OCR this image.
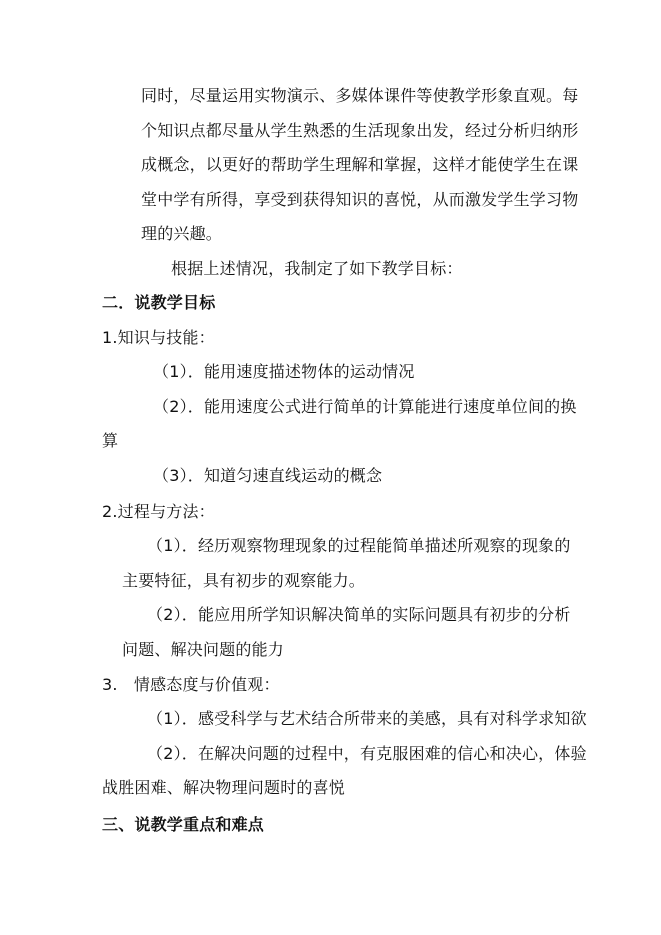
同时，尽量运用实物演示、多媒体课件等使教学形象直观。每
个知识点都尽量从学生熟悉的生活现象出发，经过分析归纳形
成概念，以更好的帮助学生理解和掌握，这样才能使学生在课
堂中学有所得，享受到获得知识的喜悦，从而激发学生学习物
理的兴趣。
根据上述情况，我制定了如下教学目标：
二．说教学目标
1.知识与技能：
（1）．能用速度描述物体的运动情况
（2）．能用速度公式进行简单的计算能进行速度单位间的换
算
（3）．知道匀速直线运动的概念
2.过程与方法：
（1）．经历观察物理现象的过程能简单描述所观察的现象的
主要特征，具有初步的观察能力。
（2）．能应用所学知识解决简单的实际问题具有初步的分析
问题、解决问题的能力
3.　情感态度与价值观：
（1）．感受科学与艺术结合所带来的美感，具有对科学求知欲
（2）．在解决问题的过程中，有克服困难的信心和决心，体验
战胜困难、解决物理问题时的喜悦
三、说教学重点和难点
